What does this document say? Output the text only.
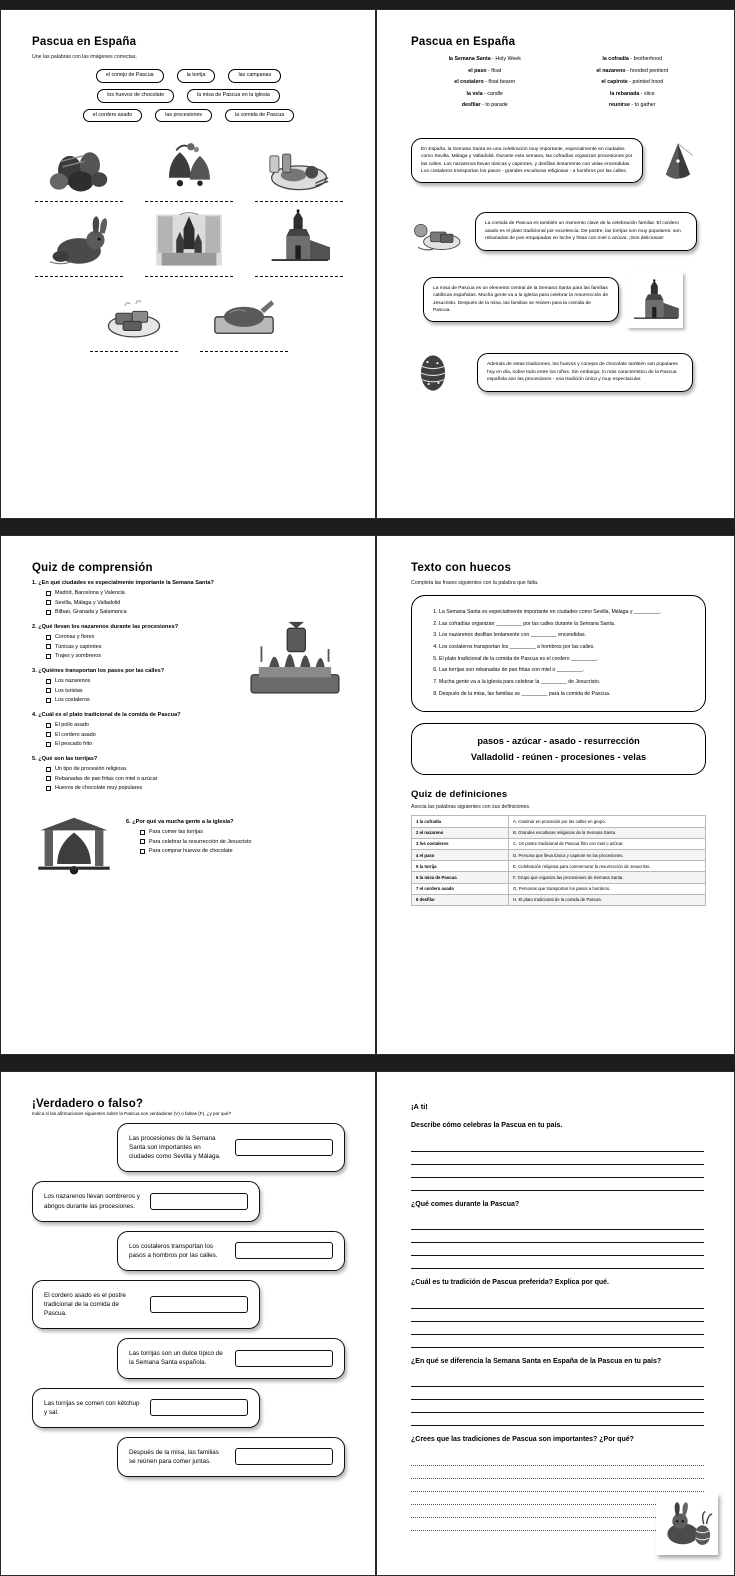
Pascua en España

Une las palabras con las imágenes correctas.

el conejo de Pascua	la torrija	las campanas
los huevos de chocolate	la misa de Pascua en la iglesia
el cordero asado	las procesiones	la comida de Pascua
Pascua en España

la Semana Santa - Holy Week

el paso - float

el costalero - float bearer

la vela - candle

desfilar - to parade

la cofradía - brotherhood

el nazareno - hooded penitent

el capirote - pointed hood

la rebanada - slice

reunirse - to gather

En España, la Semana Santa es una celebración muy importante, especialmente en ciudades como Sevilla, Málaga y Valladolid. Durante esta semana, las cofradías organizan procesiones por las calles. Los nazarenos llevan túnicas y capirotes, y desfilan lentamente con velas encendidas. Los costaleros transportan los pasos - grandes esculturas religiosas - a hombros por las calles.
La comida de Pascua es también un momento clave de la celebración familiar. El cordero asado es el plato tradicional por excelencia. De postre, las torrijas son muy populares: son rebanadas de pan empapadas en leche y fritas con miel o azúcar. ¡Son deliciosas!
La misa de Pascua es un elemento central de la Semana Santa para las familias católicas españolas. Mucha gente va a la iglesia para celebrar la resurrección de Jesucristo. Después de la misa, las familias se reúnen para la comida de Pascua.
Además de estas tradiciones, los huevos y conejos de chocolate también son populares hoy en día, sobre todo entre los niños. Sin embargo, lo más característico de la Pascua española son las procesiones - una tradición única y muy espectacular.
Quiz de comprensión

1. ¿En qué ciudades es especialmente importante la Semana Santa?

Madrid, Barcelona y Valencia
Sevilla, Málaga y Valladolid
Bilbao, Granada y Salamanca

2. ¿Qué llevan los nazarenos durante las procesiones?

Coronas y flores
Túnicas y capirotes
Trajes y sombreros

3. ¿Quiénes transportan los pasos por las calles?

Los nazarenos
Los turistas
Los costaleros

4. ¿Cuál es el plato tradicional de la comida de Pascua?

El pollo asado
El cordero asado
El pescado frito

5. ¿Qué son las torrijas?

Un tipo de procesión religiosa
Rebanadas de pan fritas con miel o azúcar
Huevos de chocolate muy populares

6. ¿Por qué va mucha gente a la iglesia?

Para comer las torrijas
Para celebrar la resurrección de Jesucristo
Para comprar huevos de chocolate
Texto con huecos

Completa las frases siguientes con la palabra que falta.

1. La Semana Santa es especialmente importante en ciudades como Sevilla, Málaga y _________.
2. Las cofradías organizan _________ por las calles durante la Semana Santa.
3. Los nazarenos desfilan lentamente con _________ encendidas.
4. Los costaleros transportan los _________ a hombros por las calles.
5. El plato tradicional de la comida de Pascua es el cordero _________.
6. Las torrijas son rebanadas de pan fritas con miel o _________.
7. Mucha gente va a la iglesia para celebrar la _________ de Jesucristo.
8. Después de la misa, las familias se _________ para la comida de Pascua.
pasos - azúcar - asado - resurrección
Valladolid - reúnen - procesiones - velas
Quiz de definiciones

Asocia las palabras siguientes con sus definiciones.

1 la cofradía	A. Caminar en procesión por las calles en grupo.
2 el nazareno	B. Grandes esculturas religiosas de la Semana Santa.
3 los costaleros	C. Un postre tradicional de Pascua frito con miel o azúcar.
4 el paso	D. Persona que lleva túnica y capirote en las procesiones.
5 la torrija	E. Celebración religiosa para conmemorar la resurrección de Jesucristo.
6 la misa de Pascua	F. Grupo que organiza las procesiones de Semana Santa.
7 el cordero asado	G. Personas que transportan los pasos a hombros.
8 desfilar	H. El plato tradicional de la comida de Pascua.
¡Verdadero o falso?

Indica si las afirmaciones siguientes sobre la Pascua son verdaderas (V) o falsas (F), ¿y por qué?

Las procesiones de la Semana Santa son importantes en ciudades como Sevilla y Málaga.
Los nazarenos llevan sombreros y abrigos durante las procesiones.
Los costaleros transportan los pasos a hombros por las calles.
El cordero asado es el postre tradicional de la comida de Pascua.
Las torrijas son un dulce típico de la Semana Santa española.
Las torrijas se comen con kétchup y sal.
Después de la misa, las familias se reúnen para comer juntas.
¡A ti!

Describe cómo celebras la Pascua en tu país.

¿Qué comes durante la Pascua?

¿Cuál es tu tradición de Pascua preferida? Explica por qué.

¿En qué se diferencia la Semana Santa en España de la Pascua en tu país?

¿Crees que las tradiciones de Pascua son importantes? ¿Por qué?
